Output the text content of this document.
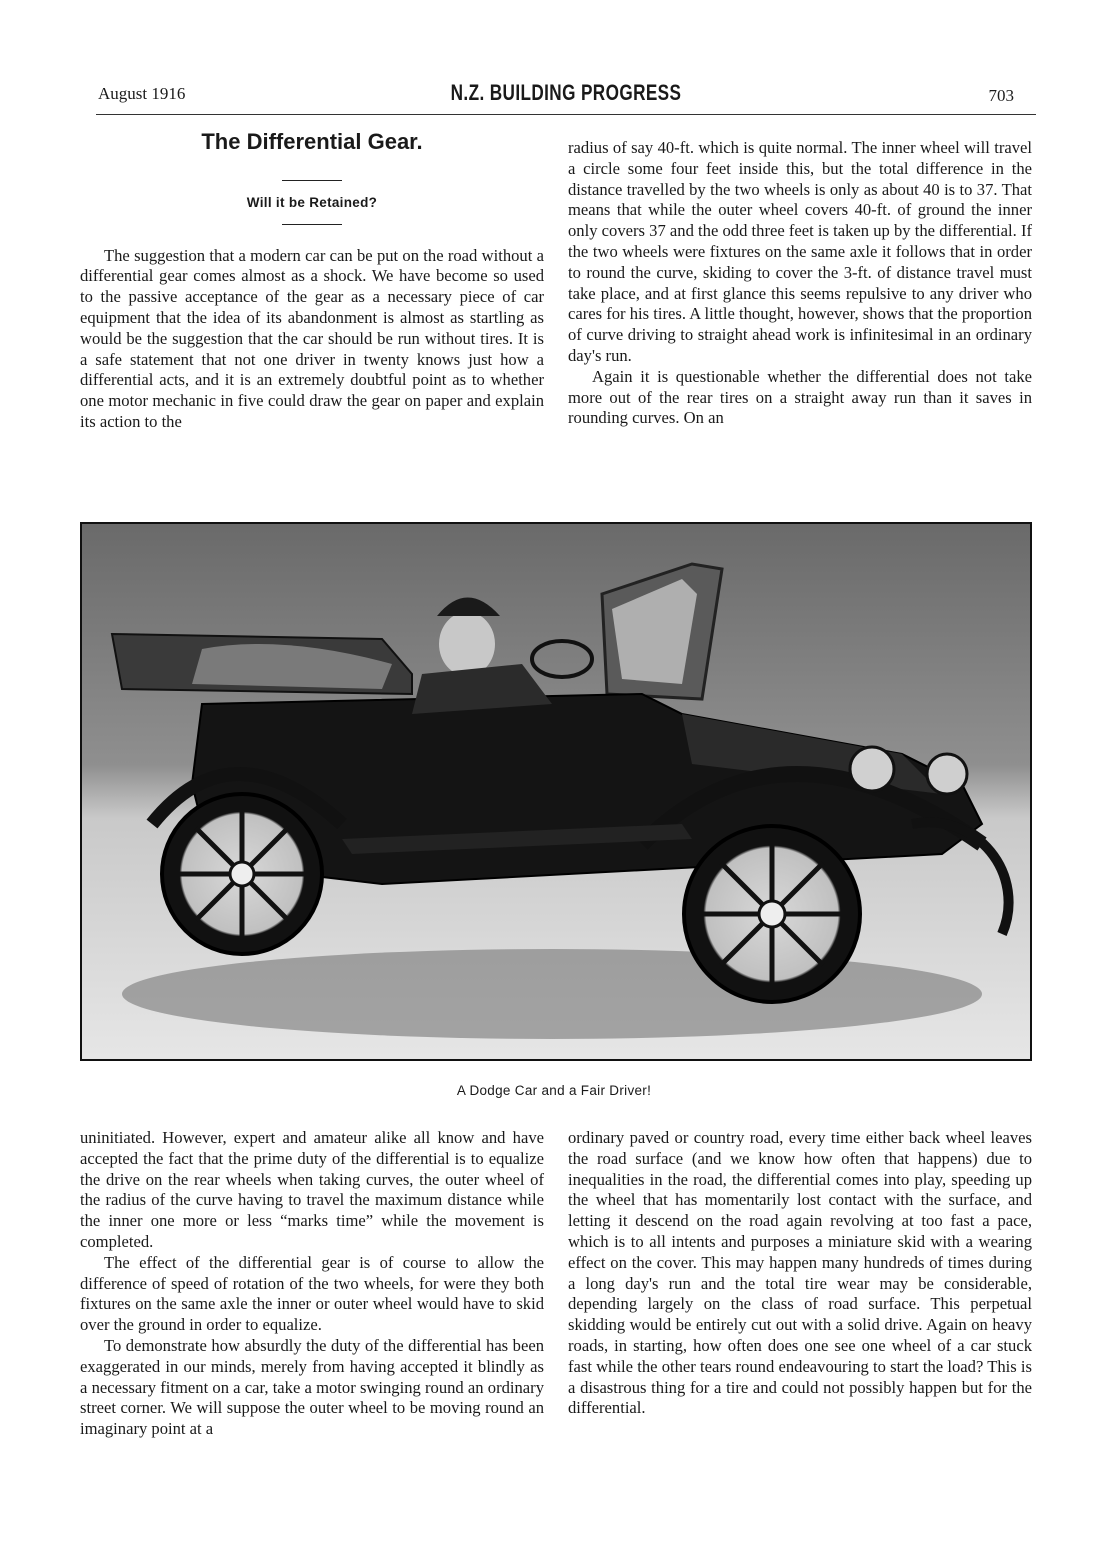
August 1916	N.Z. BUILDING PROGRESS	703
The Differential Gear.
Will it be Retained?

The suggestion that a modern car can be put on the road without a differential gear comes almost as a shock. We have become so used to the passive acceptance of the gear as a necessary piece of car equipment that the idea of its abandonment is almost as startling as would be the suggestion that the car should be run without tires. It is a safe statement that not one driver in twenty knows just how a differential acts, and it is an extremely doubtful point as to whether one motor mechanic in five could draw the gear on paper and explain its action to the

radius of say 40-ft. which is quite normal. The inner wheel will travel a circle some four feet inside this, but the total difference in the distance travelled by the two wheels is only as about 40 is to 37. That means that while the outer wheel covers 40-ft. of ground the inner only covers 37 and the odd three feet is taken up by the differential. If the two wheels were fixtures on the same axle it follows that in order to round the curve, skiding to cover the 3-ft. of distance travel must take place, and at first glance this seems repulsive to any driver who cares for his tires. A little thought, however, shows that the proportion of curve driving to straight ahead work is infinitesimal in an ordinary day's run.

Again it is questionable whether the differential does not take more out of the rear tires on a straight away run than it saves in rounding curves. On an

A Dodge Car and a Fair Driver!

uninitiated. However, expert and amateur alike all know and have accepted the fact that the prime duty of the differential is to equalize the drive on the rear wheels when taking curves, the outer wheel of the radius of the curve having to travel the maximum distance while the inner one more or less “marks time” while the movement is completed.

The effect of the differential gear is of course to allow the difference of speed of rotation of the two wheels, for were they both fixtures on the same axle the inner or outer wheel would have to skid over the ground in order to equalize.

To demonstrate how absurdly the duty of the differential has been exaggerated in our minds, merely from having accepted it blindly as a necessary fitment on a car, take a motor swinging round an ordinary street corner. We will suppose the outer wheel to be moving round an imaginary point at a

ordinary paved or country road, every time either back wheel leaves the road surface (and we know how often that happens) due to inequalities in the road, the differential comes into play, speeding up the wheel that has momentarily lost contact with the surface, and letting it descend on the road again revolving at too fast a pace, which is to all intents and purposes a miniature skid with a wearing effect on the cover. This may happen many hundreds of times during a long day's run and the total tire wear may be considerable, depending largely on the class of road surface. This perpetual skidding would be entirely cut out with a solid drive. Again on heavy roads, in starting, how often does one see one wheel of a car stuck fast while the other tears round endeavouring to start the load? This is a disastrous thing for a tire and could not possibly happen but for the differential.
